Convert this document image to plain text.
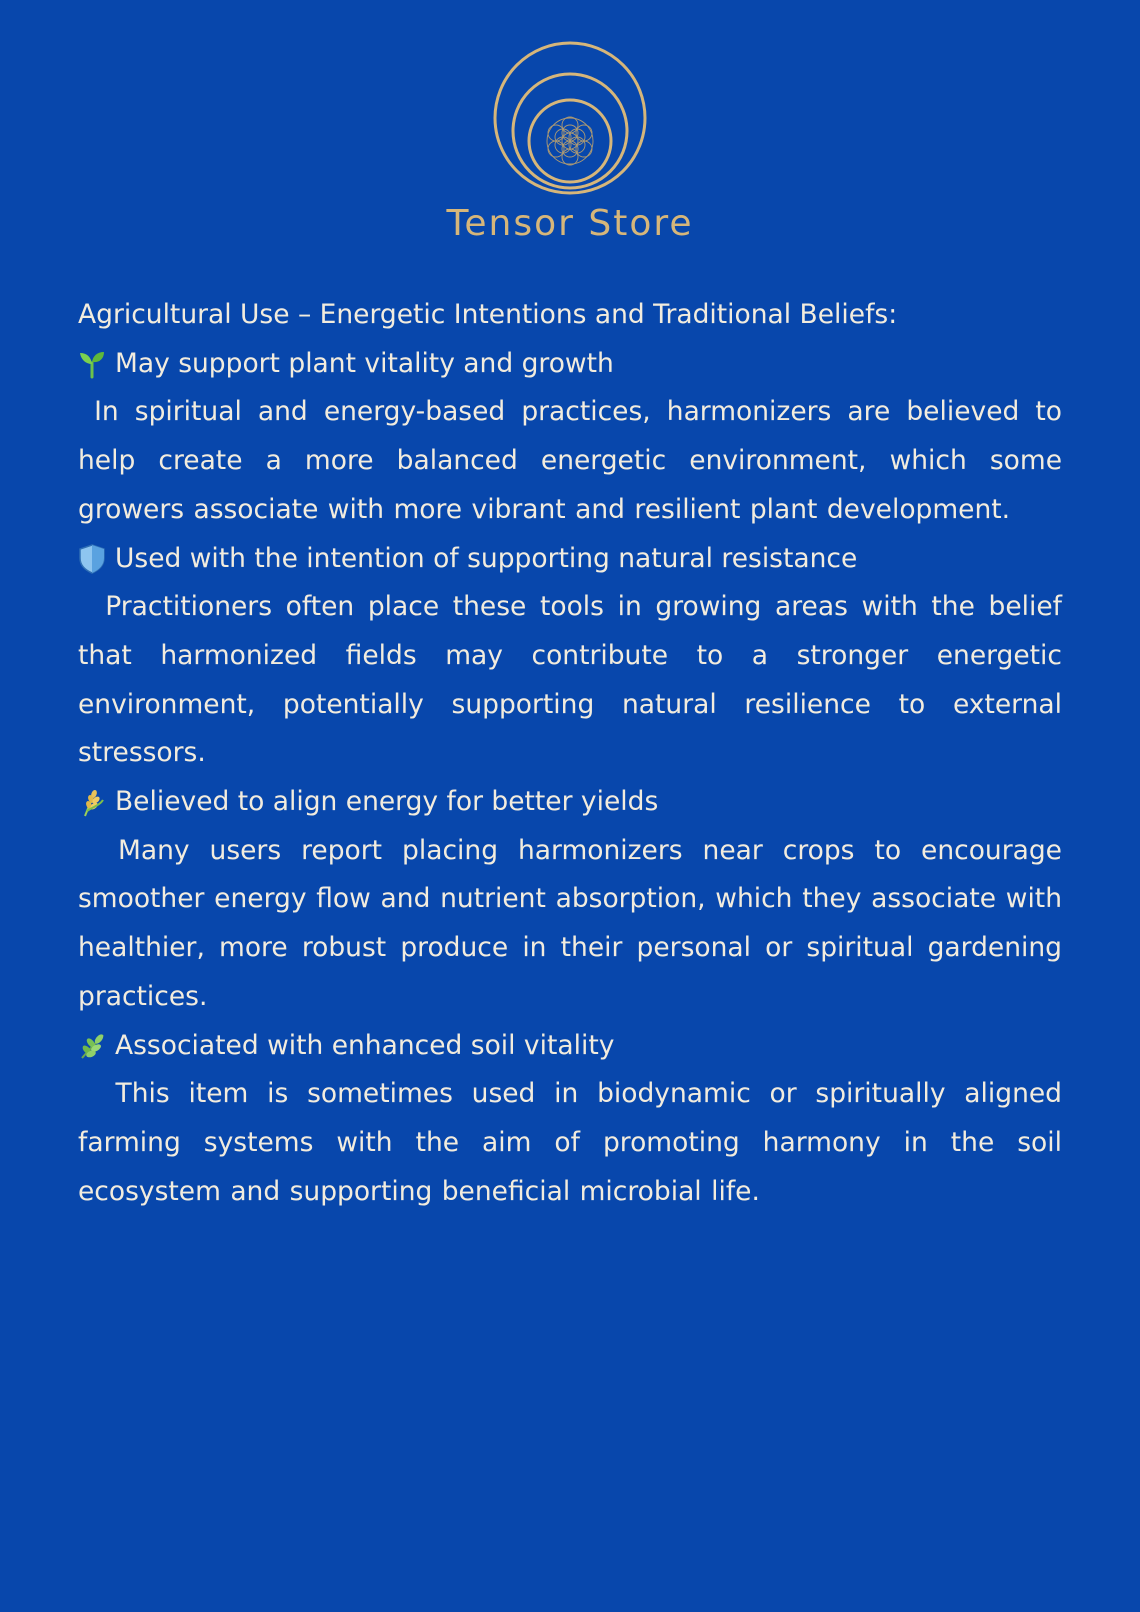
Tensor Store

Agricultural Use – Energetic Intentions and Traditional Beliefs:

May support plant vitality and growth

In spiritual and energy-based practices, harmonizers are believed to help create a more balanced energetic environment, which some growers associate with more vibrant and resilient plant development.

Used with the intention of supporting natural resistance

Practitioners often place these tools in growing areas with the belief that harmonized fields may contribute to a stronger energetic environment, potentially supporting natural resilience to external stressors.

Believed to align energy for better yields

Many users report placing harmonizers near crops to encourage smoother energy flow and nutrient absorption, which they associate with healthier, more robust produce in their personal or spiritual gardening practices.

Associated with enhanced soil vitality

This item is sometimes used in biodynamic or spiritually aligned farming systems with the aim of promoting harmony in the soil ecosystem and supporting beneficial microbial life.
